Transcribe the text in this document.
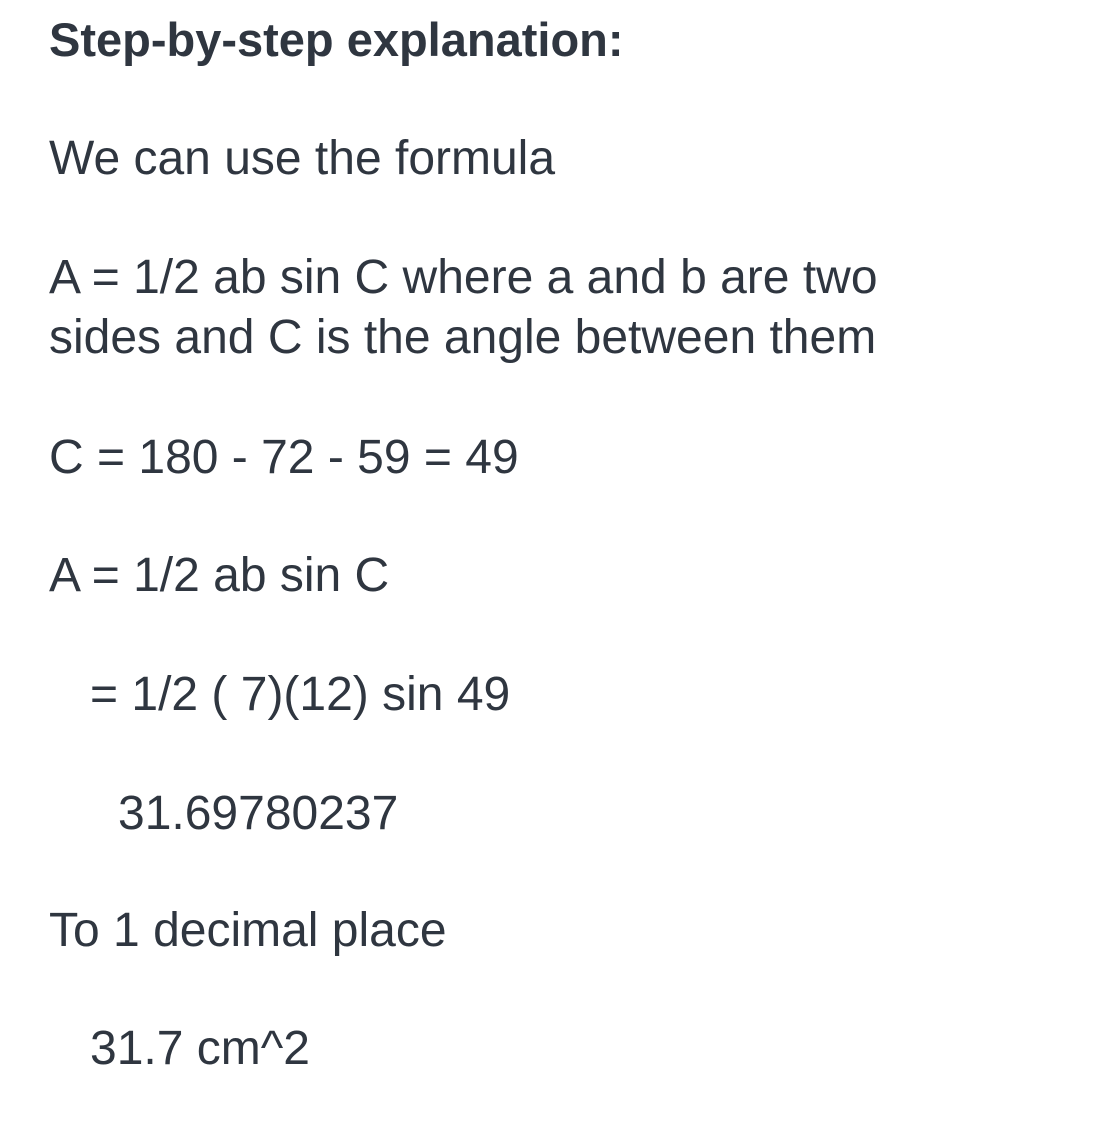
Step-by-step explanation:
We can use the formula
A = 1/2 ab sin C where a and b are two
sides and C is the angle between them
C = 180 - 72 - 59 = 49
A = 1/2 ab sin C
= 1/2 ( 7)(12) sin 49
31.69780237
To 1 decimal place
31.7 cm^2
